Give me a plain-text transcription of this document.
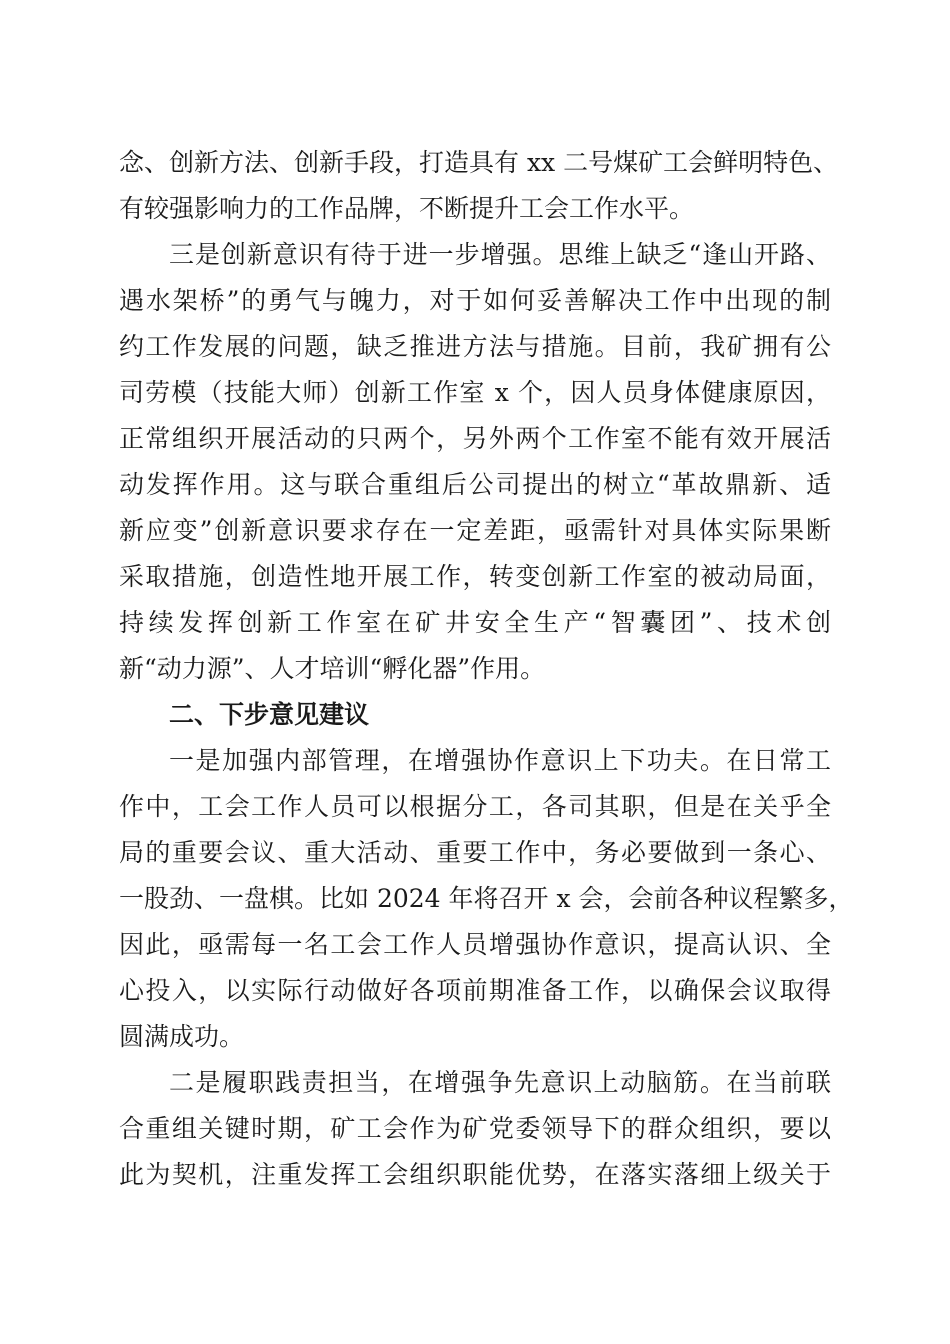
念、创新方法、创新手段，打造具有 xx 二号煤矿工会鲜明特色、
有较强影响力的工作品牌，不断提升工会工作水平。
三是创新意识有待于进一步增强。思维上缺乏“逢山开路、
遇水架桥”的勇气与魄力，对于如何妥善解决工作中出现的制
约工作发展的问题，缺乏推进方法与措施。目前，我矿拥有公
司劳模（技能大师）创新工作室 x 个，因人员身体健康原因，
正常组织开展活动的只两个，另外两个工作室不能有效开展活
动发挥作用。这与联合重组后公司提出的树立“革故鼎新、适
新应变”创新意识要求存在一定差距，亟需针对具体实际果断
采取措施，创造性地开展工作，转变创新工作室的被动局面，
持续发挥创新工作室在矿井安全生产“智囊团”、技术创
新“动力源”、人才培训“孵化器”作用。
二、下步意见建议
一是加强内部管理，在增强协作意识上下功夫。在日常工
作中，工会工作人员可以根据分工，各司其职，但是在关乎全
局的重要会议、重大活动、重要工作中，务必要做到一条心、
一股劲、一盘棋。比如 2024 年将召开 x 会，会前各种议程繁多，
因此，亟需每一名工会工作人员增强协作意识，提高认识、全
心投入，以实际行动做好各项前期准备工作，以确保会议取得
圆满成功。
二是履职践责担当，在增强争先意识上动脑筋。在当前联
合重组关键时期，矿工会作为矿党委领导下的群众组织，要以
此为契机，注重发挥工会组织职能优势，在落实落细上级关于
